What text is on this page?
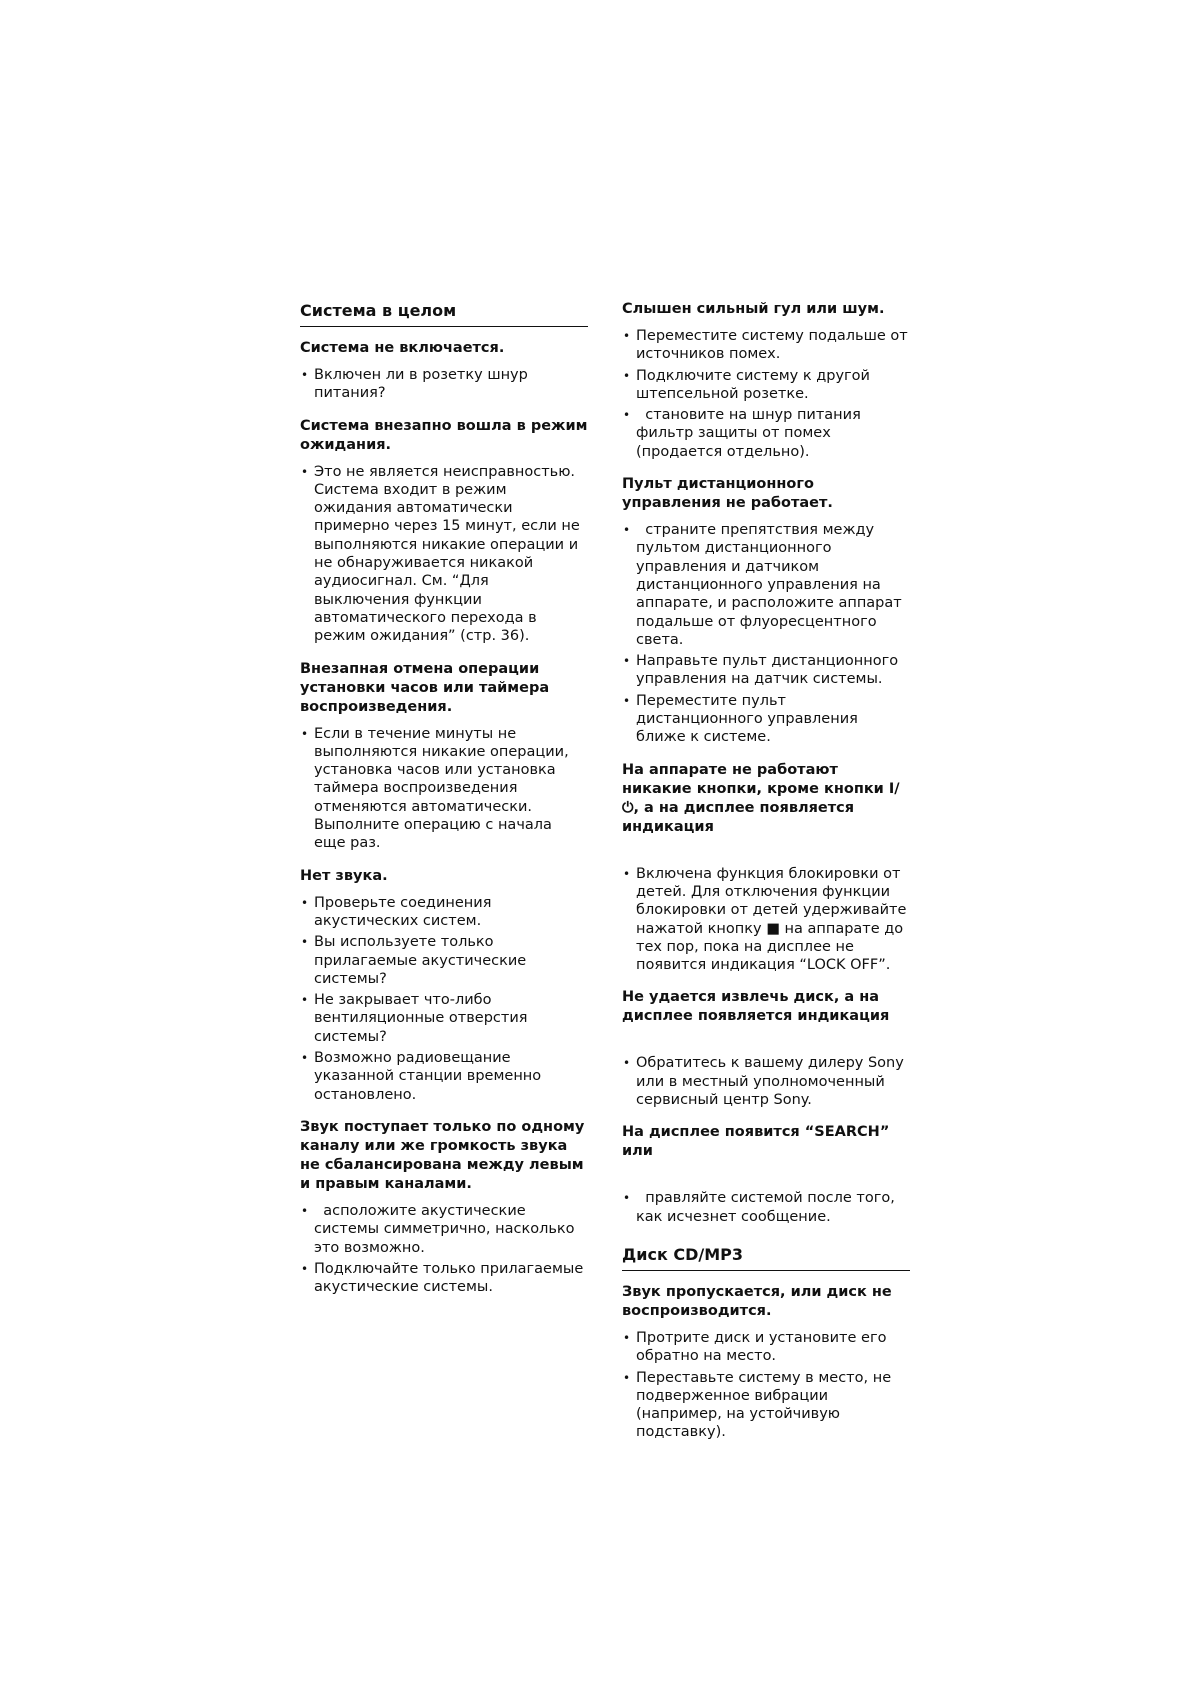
Система в целом
Система не включается.
• Включен ли в розетку шнур питания?
Система внезапно вошла в режим ожидания.
• Это не является неисправностью. Система входит в режим ожидания автоматически примерно через 15 минут, если не выполняются никакие операции и не обнаруживается никакой аудиосигнал. См. “Для выключения функции автоматического перехода в режим ожидания” (стр. 36).
Внезапная отмена операции установки часов или таймера воспроизведения.
• Если в течение минуты не выполняются никакие операции, установка часов или установка таймера воспроизведения отменяются автоматически. Выполните операцию с начала еще раз.
Нет звука.
• Проверьте соединения акустических систем.
• Вы используете только прилагаемые акустические системы?
• Не закрывает что-либо вентиляционные отверстия системы?
• Возможно радиовещание указанной станции временно остановлено.
Звук поступает только по одному каналу или же громкость звука не сбалансирована между левым и правым каналами.
• асположите акустические системы симметрично, насколько это возможно.
• Подключайте только прилагаемые акустические системы.
Слышен сильный гул или шум.
• Переместите систему подальше от источников помех.
• Подключите систему к другой штепсельной розетке.
• становите на шнур питания фильтр защиты от помех (продается отдельно).
Пульт дистанционного управления не работает.
• страните препятствия между пультом дистанционного управления и датчиком дистанционного управления на аппарате, и расположите аппарат подальше от флуоресцентного света.
• Направьте пульт дистанционного управления на датчик системы.
• Переместите пульт дистанционного управления ближе к системе.
На аппарате не работают никакие кнопки, кроме кнопки I/⏻, а на дисплее появляется индикация
• Включена функция блокировки от детей. Для отключения функции блокировки от детей удерживайте нажатой кнопку ■ на аппарате до тех пор, пока на дисплее не появится индикация “LOCK OFF”.
Не удается извлечь диск, а на дисплее появляется индикация
• Обратитесь к вашему дилеру Sony или в местный уполномоченный сервисный центр Sony.
На дисплее появится “SEARCH” или
• правляйте системой после того, как исчезнет сообщение.
Диск CD/MP3
Звук пропускается, или диск не воспроизводится.
• Протрите диск и установите его обратно на место.
• Переставьте систему в место, не подверженное вибрации (например, на устойчивую подставку).
